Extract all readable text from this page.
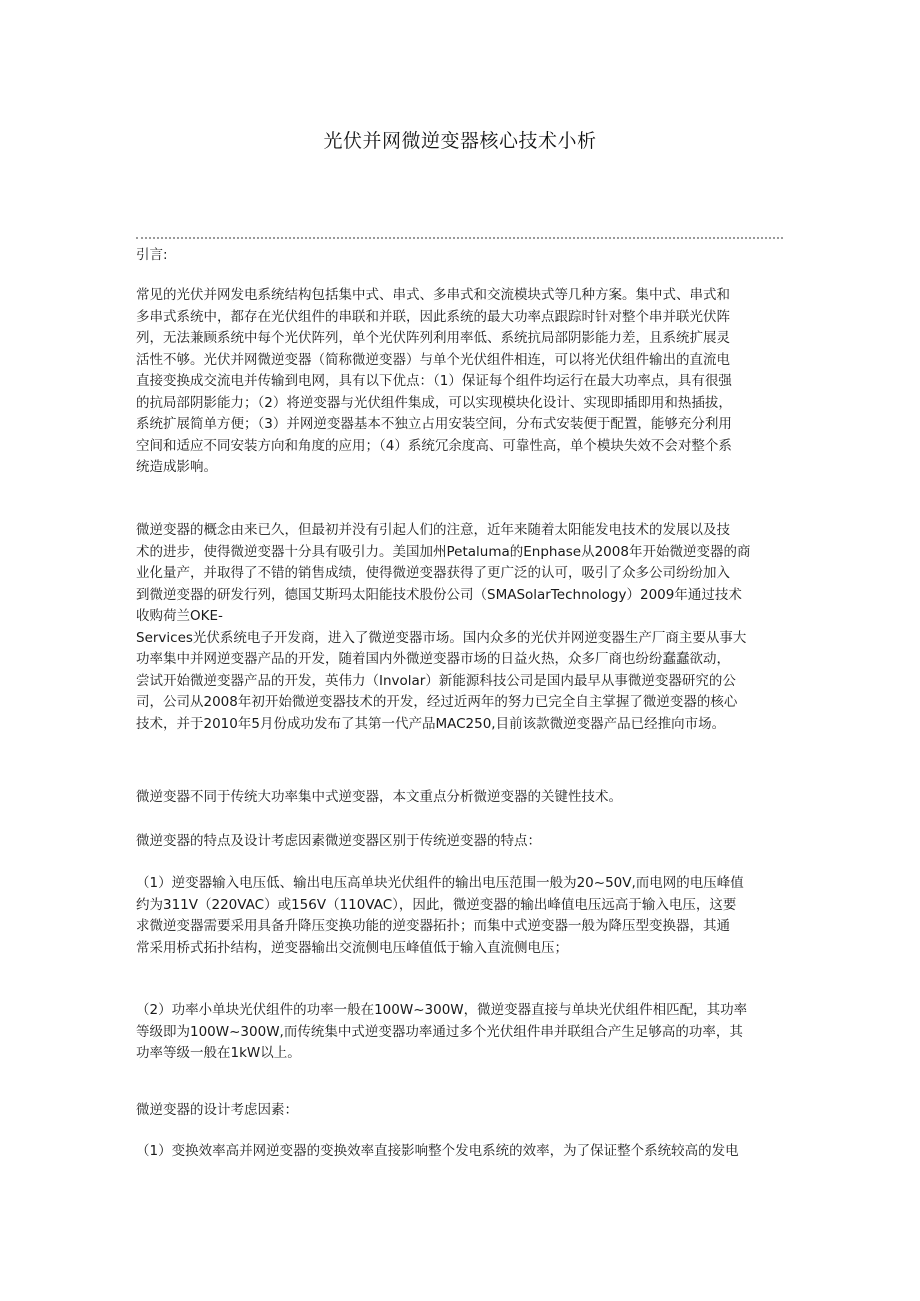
光伏并网微逆变器核心技术小析
引言:
常见的光伏并网发电系统结构包括集中式、串式、多串式和交流模块式等几种方案。集中式、串式和
多串式系统中，都存在光伏组件的串联和并联，因此系统的最大功率点跟踪时针对整个串并联光伏阵
列，无法兼顾系统中每个光伏阵列，单个光伏阵列利用率低、系统抗局部阴影能力差，且系统扩展灵
活性不够。光伏并网微逆变器（简称微逆变器）与单个光伏组件相连，可以将光伏组件输出的直流电
直接变换成交流电并传输到电网，具有以下优点：（1）保证每个组件均运行在最大功率点，具有很强
的抗局部阴影能力；（2）将逆变器与光伏组件集成，可以实现模块化设计、实现即插即用和热插拔，
系统扩展简单方便；（3）并网逆变器基本不独立占用安装空间，分布式安装便于配置，能够充分利用
空间和适应不同安装方向和角度的应用；（4）系统冗余度高、可靠性高，单个模块失效不会对整个系
统造成影响。
微逆变器的概念由来已久，但最初并没有引起人们的注意，近年来随着太阳能发电技术的发展以及技
术的进步，使得微逆变器十分具有吸引力。美国加州Petaluma的Enphase从2008年开始微逆变器的商
业化量产，并取得了不错的销售成绩，使得微逆变器获得了更广泛的认可，吸引了众多公司纷纷加入
到微逆变器的研发行列，德国艾斯玛太阳能技术股份公司（SMASolarTechnology）2009年通过技术
收购荷兰OKE-
Services光伏系统电子开发商，进入了微逆变器市场。国内众多的光伏并网逆变器生产厂商主要从事大
功率集中并网逆变器产品的开发，随着国内外微逆变器市场的日益火热，众多厂商也纷纷蠢蠢欲动，
尝试开始微逆变器产品的开发，英伟力（Involar）新能源科技公司是国内最早从事微逆变器研究的公
司，公司从2008年初开始微逆变器技术的开发，经过近两年的努力已完全自主掌握了微逆变器的核心
技术，并于2010年5月份成功发布了其第一代产品MAC250,目前该款微逆变器产品已经推向市场。
微逆变器不同于传统大功率集中式逆变器，本文重点分析微逆变器的关键性技术。
微逆变器的特点及设计考虑因素微逆变器区别于传统逆变器的特点：
（1）逆变器输入电压低、输出电压高单块光伏组件的输出电压范围一般为20~50V,而电网的电压峰值
约为311V（220VAC）或156V（110VAC），因此，微逆变器的输出峰值电压远高于输入电压，这要
求微逆变器需要采用具备升降压变换功能的逆变器拓扑；而集中式逆变器一般为降压型变换器，其通
常采用桥式拓扑结构，逆变器输出交流侧电压峰值低于输入直流侧电压；
（2）功率小单块光伏组件的功率一般在100W~300W，微逆变器直接与单块光伏组件相匹配，其功率
等级即为100W~300W,而传统集中式逆变器功率通过多个光伏组件串并联组合产生足够高的功率，其
功率等级一般在1kW以上。
微逆变器的设计考虑因素：
（1）变换效率高并网逆变器的变换效率直接影响整个发电系统的效率，为了保证整个系统较高的发电
